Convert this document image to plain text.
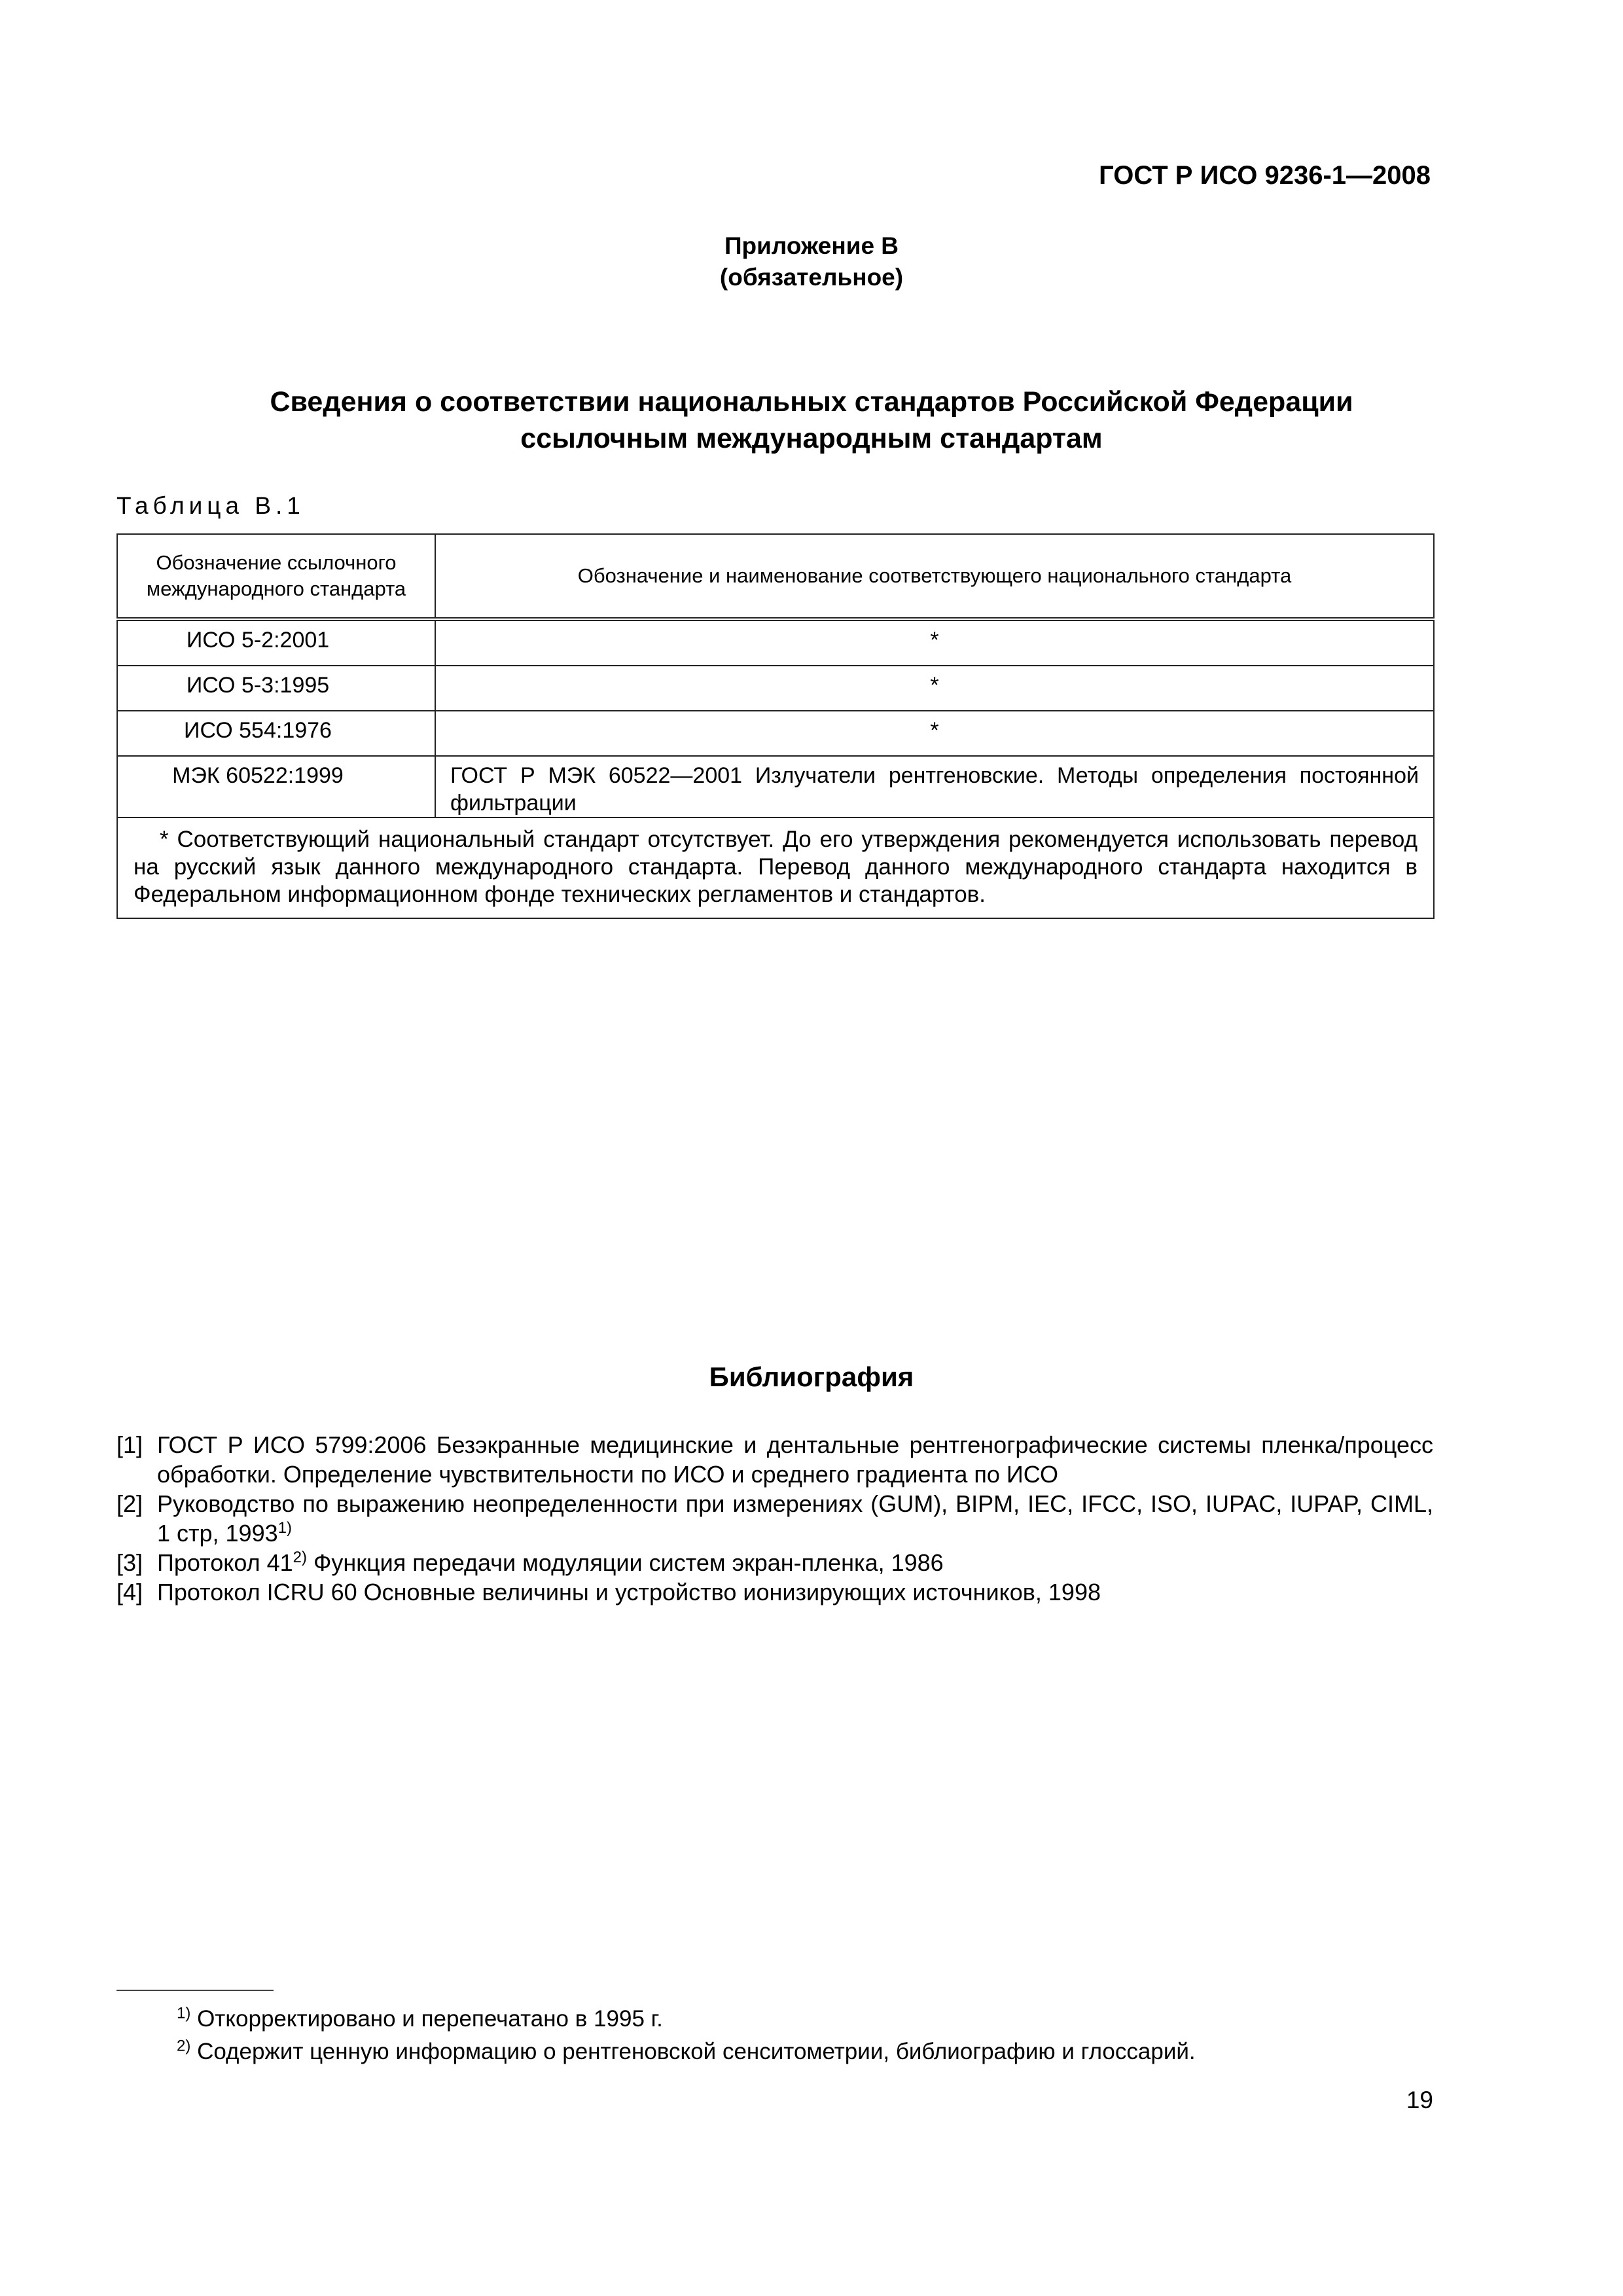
ГОСТ Р ИСО 9236-1—2008
Приложение В
(обязательное)
Сведения о соответствии национальных стандартов Российской Федерации
ссылочным международным стандартам
Таблица В.1
Обозначение ссылочного международного стандарта	Обозначение и наименование соответствующего национального стандарта
ИСО 5-2:2001	*
ИСО 5-3:1995	*
ИСО 554:1976	*
МЭК 60522:1999	ГОСТ Р МЭК 60522—2001 Излучатели рентгеновские. Методы определения постоянной фильтрации
* Соответствующий национальный стандарт отсутствует. До его утверждения рекомендуется использовать перевод на русский язык данного международного стандарта. Перевод данного международного стандарта находится в Федеральном информационном фонде технических регламентов и стандартов.	
Библиография
[1] ГОСТ Р ИСО 5799:2006 Безэкранные медицинские и дентальные рентгенографические системы пленка/процесс обработки. Определение чувствительности по ИСО и среднего градиента по ИСО
[2] Руководство по выражению неопределенности при измерениях (GUM), BIPM, IEC, IFCC, ISO, IUPAC, IUPAP, CIML, 1 стр, 1993$^{1)}$
[3] Протокол 41$^{2)}$ Функция передачи модуляции систем экран-пленка, 1986
[4] Протокол ICRU 60 Основные величины и устройство ионизирующих источников, 1998
$^{1)}$ Откорректировано и перепечатано в 1995 г.
$^{2)}$ Содержит ценную информацию о рентгеновской сенситометрии, библиографию и глоссарий.
19
